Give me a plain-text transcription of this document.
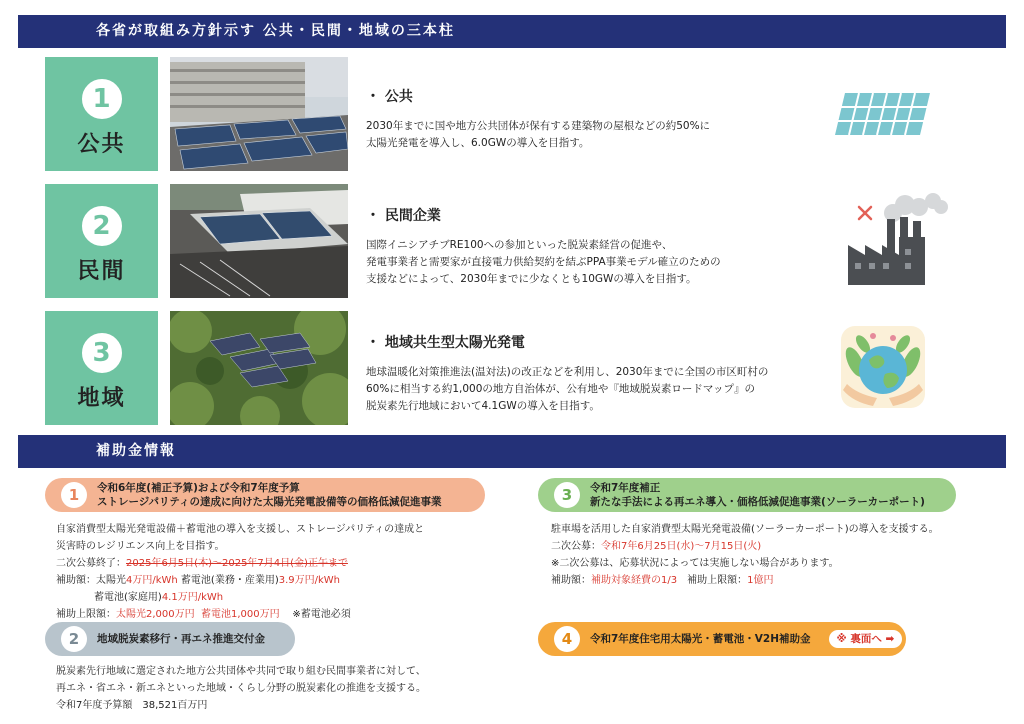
各省が取組み方針示す 公共・民間・地域の三本柱
1
公共
・ 公共
2030年までに国や地方公共団体が保有する建築物の屋根などの約50%に
太陽光発電を導入し、6.0GWの導入を目指す。
2
民間
・ 民間企業
国際イニシアチブRE100への参加といった脱炭素経営の促進や、
発電事業者と需要家が直接電力供給契約を結ぶPPA事業モデル確立のための
支援などによって、2030年までに少なくとも10GWの導入を目指す。
3
地域
・ 地域共生型太陽光発電
地球温暖化対策推進法(温対法)の改正などを利用し、2030年までに全国の市区町村の
60%に相当する約1,000の地方自治体が、公有地や『地域脱炭素ロードマップ』の
脱炭素先行地域において4.1GWの導入を目指す。
補助金情報
1	令和6年度(補正予算)および令和7年度予算
ストレージパリティの達成に向けた太陽光発電設備等の価格低減促進事業
自家消費型太陽光発電設備＋蓄電池の導入を支援し、ストレージパリティの達成と
災害時のレジリエンス向上を目指す。
二次公募終了：2025年6月5日(木)～2025年7月4日(金)正午まで
補助額：太陽光4万円/kWh 蓄電池(業務・産業用)3.9万円/kWh
蓄電池(家庭用)4.1万円/kWh
補助上限額：太陽光2,000万円 蓄電池1,000万円 ※蓄電池必須
2	地域脱炭素移行・再エネ推進交付金
脱炭素先行地域に選定された地方公共団体や共同で取り組む民間事業者に対して、
再エネ・省エネ・新エネといった地域・くらし分野の脱炭素化の推進を支援する。
令和7年度予算額　38,521百万円
3	令和7年度補正
新たな手法による再エネ導入・価格低減促進事業(ソーラーカーポート)
駐車場を活用した自家消費型太陽光発電設備(ソーラーカーポート)の導入を支援する。
二次公募：令和7年6月25日(水)～7月15日(火)
※二次公募は、応募状況によっては実施しない場合があります。
補助額：補助対象経費の1/3　補助上限額：1億円
4	令和7年度住宅用太陽光・蓄電池・V2H補助金	※ 裏面へ ➡
